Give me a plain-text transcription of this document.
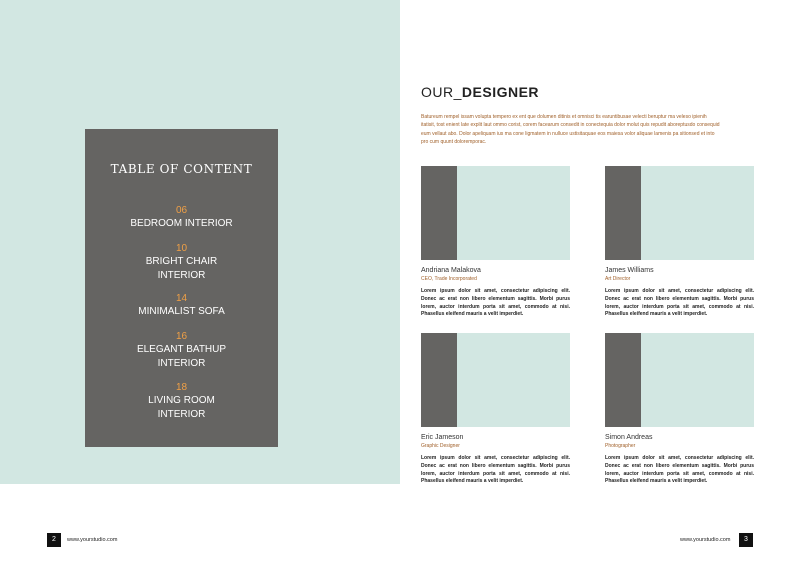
TABLE OF CONTENT
06
BEDROOM INTERIOR
10
BRIGHT CHAIR
INTERIOR
14
MINIMALIST SOFA
16
ELEGANT BATHUP
INTERIOR
18
LIVING ROOM
INTERIOR
OUR_DESIGNER
Batureum rempel issam volupta tempero ex ent que dolumen ditinis et omnisci tis earuntibusae velecti beruptur ma veleso ipienih itatisit, tost enient late explit laut ommo corist, corem facearum consedit in conectequia dolor molut quis repudit aboreptusdo consequid eum vellaut abo. Dolor apeliquam ius ma cone ligmatem in nulluce ustisitaquae eos maiesa volor aliquae lamenis pa sitionsed et into pro cum quunt doloremporac.
Andriana Malakova
CEO, Trade Incorporated
Lorem ipsum dolor sit amet, consectetur adipiscing elit. Donec ac erat non libero elementum sagittis. Morbi purus lorem, auctor interdum porta sit amet, commodo at nisi. Phasellus eleifend mauris a velit imperdiet.
James Williams
Art Director
Lorem ipsum dolor sit amet, consectetur adipiscing elit. Donec ac erat non libero elementum sagittis. Morbi purus lorem, auctor interdum porta sit amet, commodo at nisi. Phasellus eleifend mauris a velit imperdiet.
Eric Jameson
Graphic Designer
Lorem ipsum dolor sit amet, consectetur adipiscing elit. Donec ac erat non libero elementum sagittis. Morbi purus lorem, auctor interdum porta sit amet, commodo at nisi. Phasellus eleifend mauris a velit imperdiet.
Simon Andreas
Photographer
Lorem ipsum dolor sit amet, consectetur adipiscing elit. Donec ac erat non libero elementum sagittis. Morbi purus lorem, auctor interdum porta sit amet, commodo at nisi. Phasellus eleifend mauris a velit imperdiet.
2	www.yourstudio.com	www.yourstudio.com	3
